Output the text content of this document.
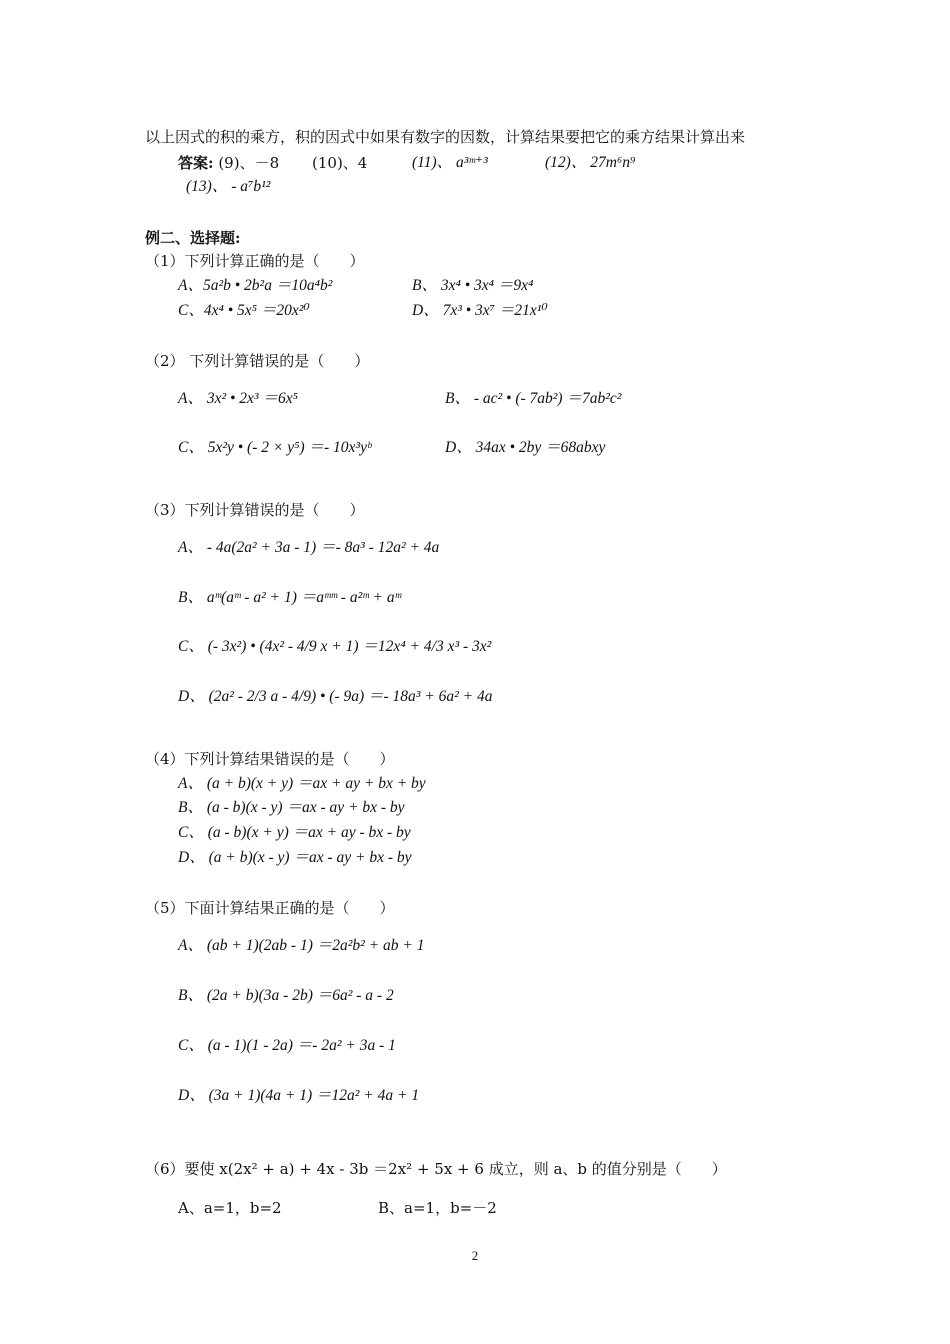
以上因式的积的乘方，积的因式中如果有数字的因数，计算结果要把它的乘方结果计算出来
答案: (9)、－8 (10)、4	(11)、 a³ᵐ⁺³	(12)、 27m⁶n⁹
(13)、 - a⁷b¹²
例二、选择题:
（1）下列计算正确的是（　　）
A、5a²b • 2b²a ＝10a⁴b²	B、 3x⁴ • 3x⁴ ＝9x⁴
C、4x⁴ • 5x⁵ ＝20x²⁰	D、 7x³ • 3x⁷ ＝21x¹⁰
（2） 下列计算错误的是（　　）
A、 3x² • 2x³ ＝6x⁵	B、 - ac² • (- 7ab²) ＝7ab²c²
C、 5x²y • (- 2 × y⁵) ＝- 10x³yᵇ	D、 34ax • 2by ＝68abxy
（3）下列计算错误的是（　　）
A、 - 4a(2a² + 3a - 1) ＝- 8a³ - 12a² + 4a
B、 aᵐ(aᵐ - a² + 1) ＝aᵐᵐ - a²ᵐ + aᵐ
C、 (- 3x²) • (4x² - 4/9 x + 1) ＝12x⁴ + 4/3 x³ - 3x²
D、 (2a² - 2/3 a - 4/9) • (- 9a) ＝- 18a³ + 6a² + 4a
（4）下列计算结果错误的是（　　）
A、 (a + b)(x + y) ＝ax + ay + bx + by
B、 (a - b)(x - y) ＝ax - ay + bx - by
C、 (a - b)(x + y) ＝ax + ay - bx - by
D、 (a + b)(x - y) ＝ax - ay + bx - by
（5）下面计算结果正确的是（　　）
A、 (ab + 1)(2ab - 1) ＝2a²b² + ab + 1
B、 (2a + b)(3a - 2b) ＝6a² - a - 2
C、 (a - 1)(1 - 2a) ＝- 2a² + 3a - 1
D、 (3a + 1)(4a + 1) ＝12a² + 4a + 1
（6）要使 x(2x² + a) + 4x - 3b ＝2x² + 5x + 6 成立，则 a、b 的值分别是（　　）
A、a=1，b=2	B、a=1，b=－2
2
